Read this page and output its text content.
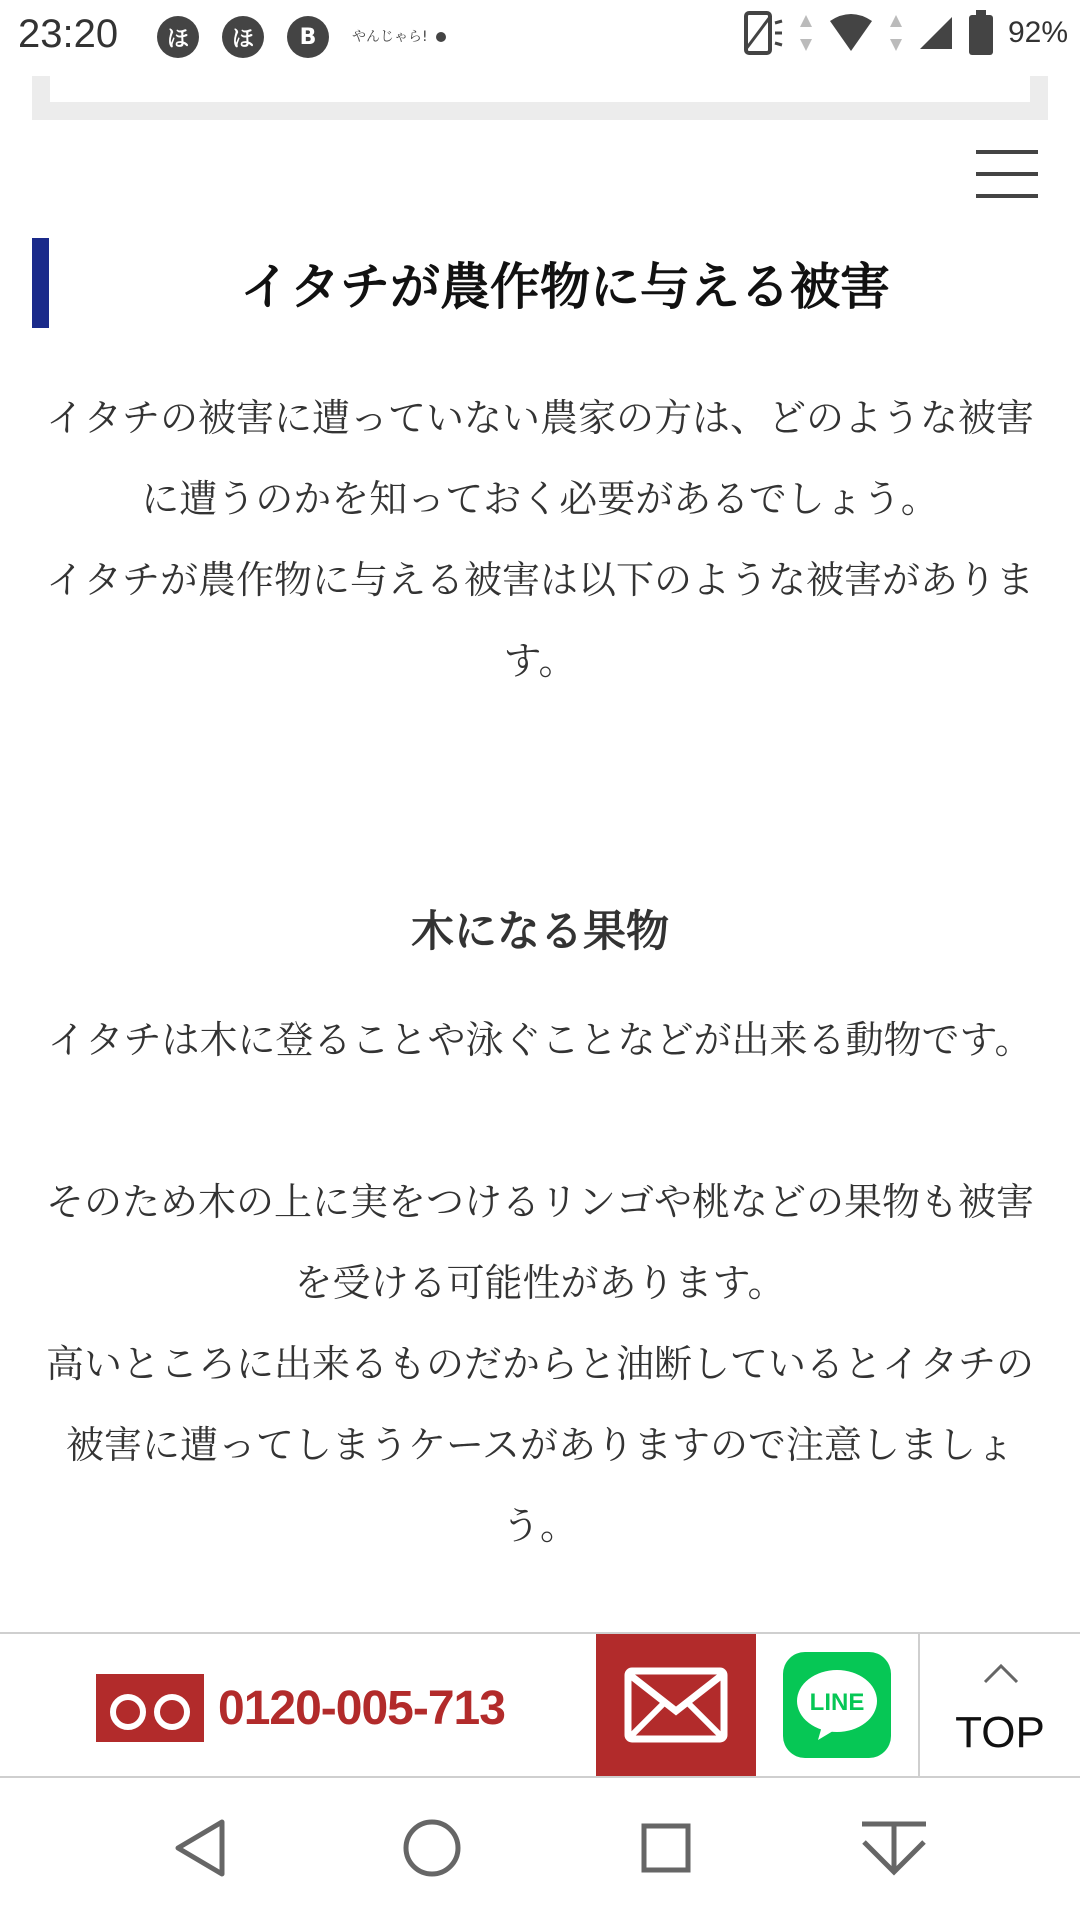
23:20	ほ	ほ	B	やんじゃら!	92%
イタチが農作物に与える被害
イタチの被害に遭っていない農家の方は、どのような被害に遭うのかを知っておく必要があるでしょう。
イタチが農作物に与える被害は以下のような被害があります。
木になる果物
イタチは木に登ることや泳ぐことなどが出来る動物です。
そのため木の上に実をつけるリンゴや桃などの果物も被害を受ける可能性があります。
高いところに出来るものだからと油断しているとイタチの被害に遭ってしまうケースがありますので注意しましょう。
0120-005-713	LINE
TOP
